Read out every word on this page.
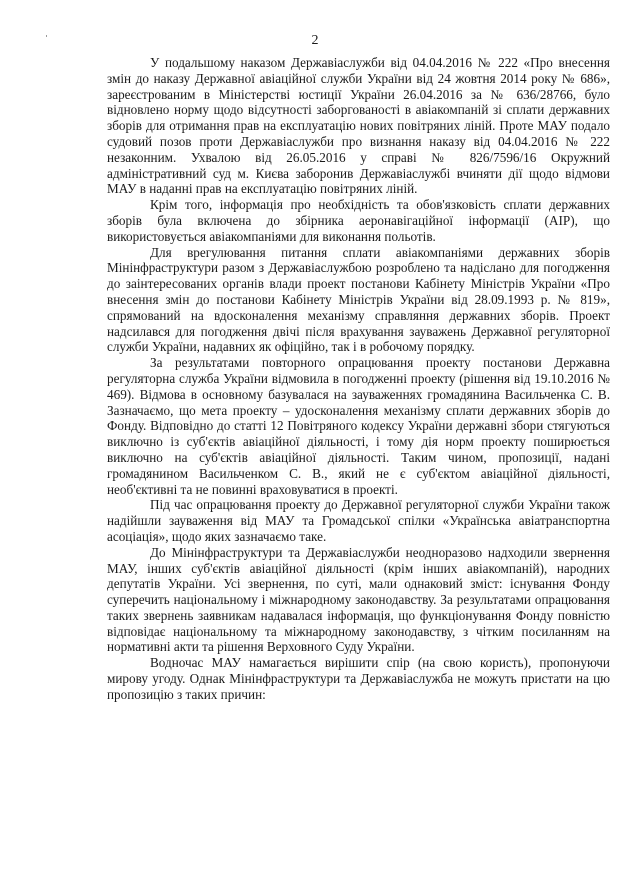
2

У подальшому наказом Державіаслужби від 04.04.2016 № 222 «Про внесення змін до наказу Державної авіаційної служби України від 24 жовтня 2014 року № 686», зареєстрованим в Міністерстві юстиції України 26.04.2016 за № 636/28766, було відновлено норму щодо відсутності заборгованості в авіакомпаній зі сплати державних зборів для отримання прав на експлуатацію нових повітряних ліній. Проте МАУ подало судовий позов проти Державіаслужби про визнання наказу від 04.04.2016 № 222 незаконним. Ухвалою від 26.05.2016 у справі № 826/7596/16 Окружний адміністративний суд м. Києва заборонив Державіаслужбі вчиняти дії щодо відмови МАУ в наданні прав на експлуатацію повітряних ліній.

Крім того, інформація про необхідність та обов'язковість сплати державних зборів була включена до збірника аеронавігаційної інформації (AIP), що використовується авіакомпаніями для виконання польотів.

Для врегулювання питання сплати авіакомпаніями державних зборів Мінінфраструктури разом з Державіаслужбою розроблено та надіслано для погодження до заінтересованих органів влади проект постанови Кабінету Міністрів України «Про внесення змін до постанови Кабінету Міністрів України від 28.09.1993 р. № 819», спрямований на вдосконалення механізму справляння державних зборів. Проект надсилався для погодження двічі після врахування зауважень Державної регуляторної служби України, надавних як офіційно, так і в робочому порядку.

За результатами повторного опрацювання проекту постанови Державна регуляторна служба України відмовила в погодженні проекту (рішення від 19.10.2016 № 469). Відмова в основному базувалася на зауваженнях громадянина Васильченка С. В. Зазначаємо, що мета проекту – удосконалення механізму сплати державних зборів до Фонду. Відповідно до статті 12 Повітряного кодексу України державні збори стягуються виключно із суб'єктів авіаційної діяльності, і тому дія норм проекту поширюється виключно на суб'єктів авіаційної діяльності. Таким чином, пропозиції, надані громадянином Васильченком С. В., який не є суб'єктом авіаційної діяльності, необ'єктивні та не повинні враховуватися в проекті.

Під час опрацювання проекту до Державної регуляторної служби України також надійшли зауваження від МАУ та Громадської спілки «Українська авіатранспортна асоціація», щодо яких зазначаємо таке.

До Мінінфраструктури та Державіаслужби неодноразово надходили звернення МАУ, інших суб'єктів авіаційної діяльності (крім інших авіакомпаній), народних депутатів України. Усі звернення, по суті, мали однаковий зміст: існування Фонду суперечить національному і міжнародному законодавству. За результатами опрацювання таких звернень заявникам надавалася інформація, що функціонування Фонду повністю відповідає національному та міжнародному законодавству, з чітким посиланням на нормативні акти та рішення Верховного Суду України.

Водночас МАУ намагається вирішити спір (на свою користь), пропонуючи мирову угоду. Однак Мінінфраструктури та Державіаслужба не можуть пристати на цю пропозицію з таких причин:
